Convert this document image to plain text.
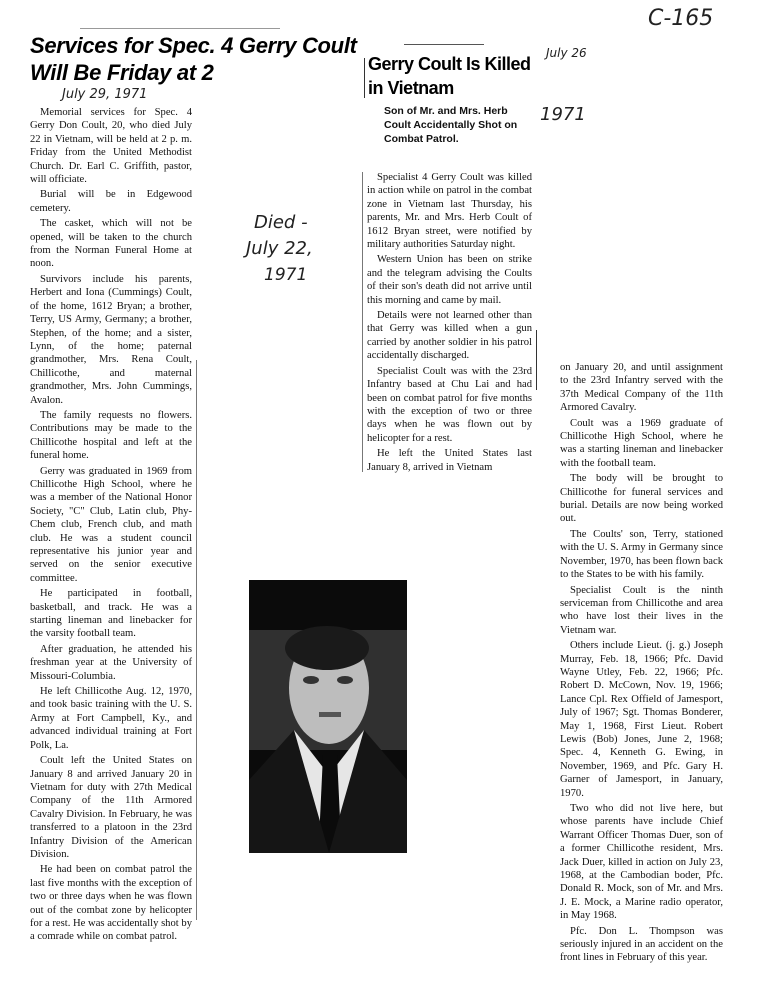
C-165
July 29, 1971
July 26
1971
Died -
July 22,
1971
Services for Spec. 4 Gerry Coult Will Be Friday at 2

Memorial services for Spec. 4 Gerry Don Coult, 20, who died July 22 in Vietnam, will be held at 2 p. m. Friday from the United Methodist Church. Dr. Earl C. Griffith, pastor, will officiate.

Burial will be in Edgewood cemetery.

The casket, which will not be opened, will be taken to the church from the Norman Funeral Home at noon.

Survivors include his parents, Herbert and Iona (Cummings) Coult, of the home, 1612 Bryan; a brother, Terry, US Army, Germany; a brother, Stephen, of the home; and a sister, Lynn, of the home; paternal grandmother, Mrs. Rena Coult, Chillicothe, and maternal grandmother, Mrs. John Cummings, Avalon.

The family requests no flowers. Contributions may be made to the Chillicothe hospital and left at the funeral home.

Gerry was graduated in 1969 from Chillicothe High School, where he was a member of the National Honor Society, "C" Club, Latin club, Phy-Chem club, French club, and math club. He was a student council representative his junior year and served on the senior executive committee.

He participated in football, basketball, and track. He was a starting lineman and linebacker for the varsity football team.

After graduation, he attended his freshman year at the University of Missouri-Columbia.

He left Chillicothe Aug. 12, 1970, and took basic training with the U. S. Army at Fort Campbell, Ky., and advanced individual training at Fort Polk, La.

Coult left the United States on January 8 and arrived January 20 in Vietnam for duty with 27th Medical Company of the 11th Armored Cavalry Division. In February, he was transferred to a platoon in the 23rd Infantry Division of the American Division.

He had been on combat patrol the last five months with the exception of two or three days when he was flown out of the combat zone by helicopter for a rest. He was accidentally shot by a comrade while on combat patrol.

Gerry Coult Is Killed in Vietnam
Son of Mr. and Mrs. Herb Coult Accidentally Shot on Combat Patrol.

Specialist 4 Gerry Coult was killed in action while on patrol in the combat zone in Vietnam last Thursday, his parents, Mr. and Mrs. Herb Coult of 1612 Bryan street, were notified by military authorities Saturday night.

Western Union has been on strike and the telegram advising the Coults of their son's death did not arrive until this morning and came by mail.

Details were not learned other than that Gerry was killed when a gun carried by another soldier in his patrol accidentally discharged.

Specialist Coult was with the 23rd Infantry based at Chu Lai and had been on combat patrol for five months with the exception of two or three days when he was flown out by helicopter for a rest.

He left the United States last January 8, arrived in Vietnam

on January 20, and until assignment to the 23rd Infantry served with the 37th Medical Company of the 11th Armored Cavalry.

Coult was a 1969 graduate of Chillicothe High School, where he was a starting lineman and linebacker with the football team.

The body will be brought to Chillicothe for funeral services and burial. Details are now being worked out.

The Coults' son, Terry, stationed with the U. S. Army in Germany since November, 1970, has been flown back to the States to be with his family.

Specialist Coult is the ninth serviceman from Chillicothe and area who have lost their lives in the Vietnam war.

Others include Lieut. (j. g.) Joseph Murray, Feb. 18, 1966; Pfc. David Wayne Utley, Feb. 22, 1966; Pfc. Robert D. McCown, Nov. 19, 1966; Lance Cpl. Rex Offield of Jamesport, July of 1967; Sgt. Thomas Bonderer, May 1, 1968, First Lieut. Robert Lewis (Bob) Jones, June 2, 1968; Spec. 4, Kenneth G. Ewing, in November, 1969, and Pfc. Gary H. Garner of Jamesport, in January, 1970.

Two who did not live here, but whose parents have include Chief Warrant Officer Thomas Duer, son of a former Chillicothe resident, Mrs. Jack Duer, killed in action on July 23, 1968, at the Cambodian boder, Pfc. Donald R. Mock, son of Mr. and Mrs. J. E. Mock, a Marine radio operator, in May 1968.

Pfc. Don L. Thompson was seriously injured in an accident on the front lines in February of this year.
